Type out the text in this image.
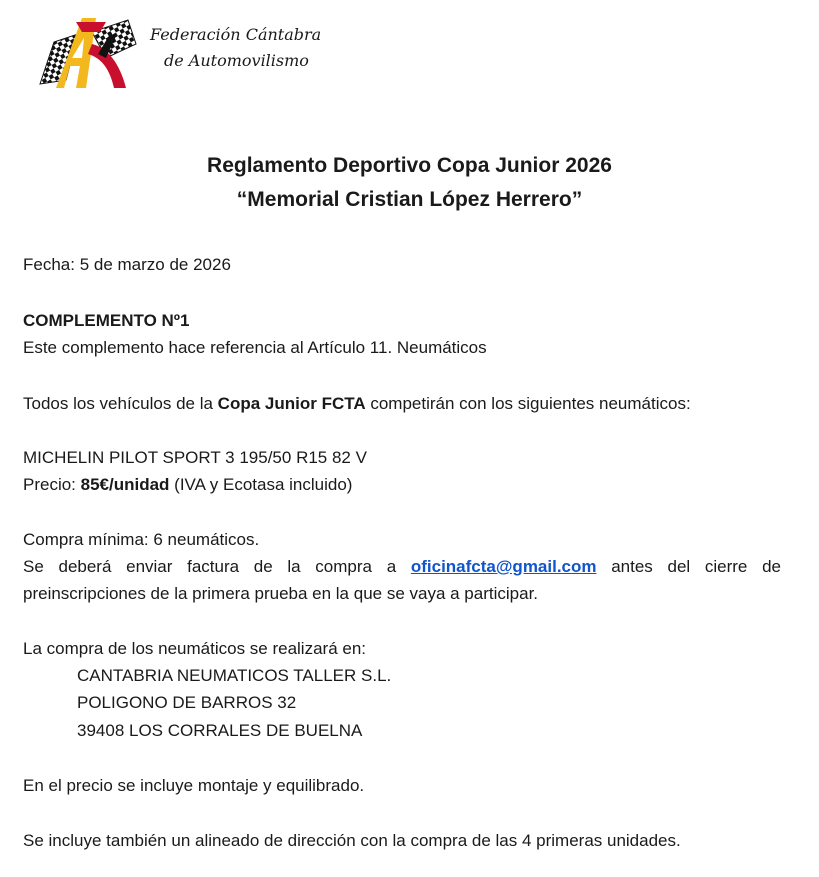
Federación Cántabra
de Automovilismo
Reglamento Deportivo Copa Junior 2026
“Memorial Cristian López Herrero”
Fecha: 5 de marzo de 2026
COMPLEMENTO Nº1
Este complemento hace referencia al Artículo 11. Neumáticos
Todos los vehículos de la Copa Junior FCTA competirán con los siguientes neumáticos:
MICHELIN PILOT SPORT 3 195/50 R15 82 V
Precio: 85€/unidad (IVA y Ecotasa incluido)
Compra mínima: 6 neumáticos.
Se deberá enviar factura de la compra a oficinafcta@gmail.com antes del cierre de
preinscripciones de la primera prueba en la que se vaya a participar.
La compra de los neumáticos se realizará en:
CANTABRIA NEUMATICOS TALLER S.L.
POLIGONO DE BARROS 32
39408 LOS CORRALES DE BUELNA
En el precio se incluye montaje y equilibrado.
Se incluye también un alineado de dirección con la compra de las 4 primeras unidades.
